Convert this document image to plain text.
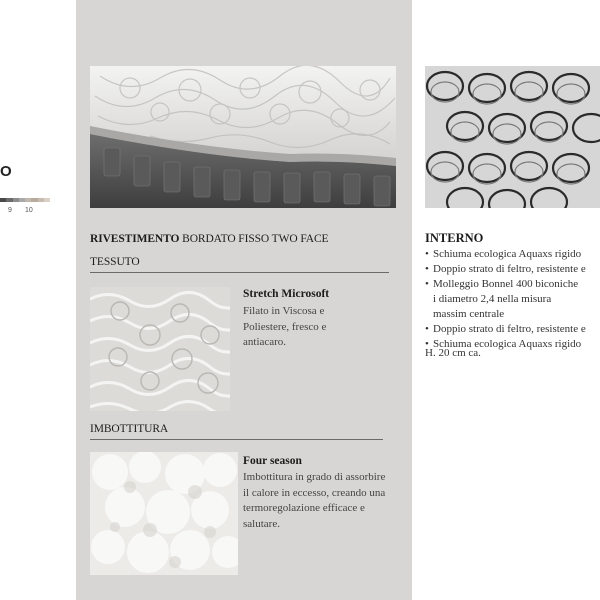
O
9 10
RIVESTIMENTO BORDATO FISSO TWO FACE
TESSUTO
Stretch Microsoft
Filato in Viscosa e Poliestere, fresco e antiacaro.
IMBOTTITURA
Four season
Imbottitura in grado di assorbire il calore in eccesso, creando una termoregolazione efficace e salutare.
INTERNO
• Schiuma ecologica Aquaxs rigido
• Doppio strato di feltro, resistente e
• Molleggio Bonnel 400 biconiche i diametro 2,4 nella misura massim centrale
• Doppio strato di feltro, resistente e
• Schiuma ecologica Aquaxs rigido
H. 20 cm ca.
